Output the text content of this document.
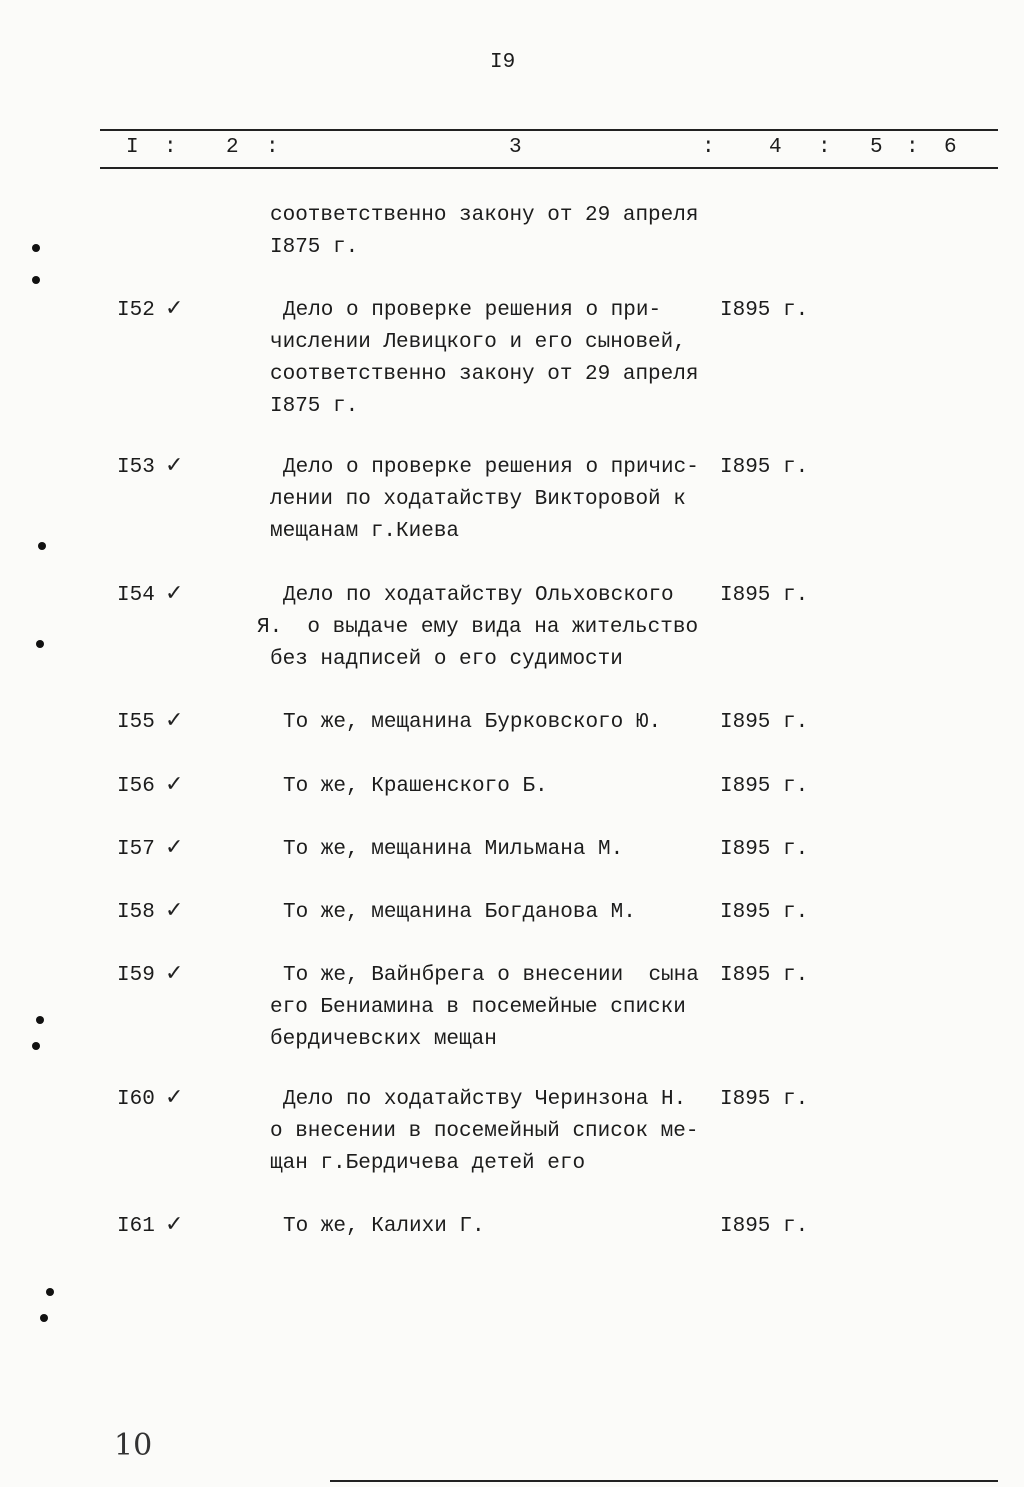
I9
I : 2 :	3	:	4 : 5 : 6
соответственно закону от 29 апреля
I875 г.
I52 ✓	Дело о проверке решения о при-
числении Левицкого и его сыновей,
соответственно закону от 29 апреля
I875 г.
I895 г.
I53 ✓	Дело о проверке решения о причис-
лении по ходатайству Викторовой к
мещанам г.Киева
I895 г.
I54 ✓	Дело по ходатайству Ольховского
Я.  о выдаче ему вида на жительство
без надписей о его судимости
I895 г.
I55 ✓	То же, мещанина Бурковского Ю.	I895 г.
I56 ✓	То же, Крашенского Б.	I895 г.
I57 ✓	То же, мещанина Мильмана М.	I895 г.
I58 ✓	То же, мещанина Богданова М.	I895 г.
I59 ✓	То же, Вайнбрега о внесении  сына
его Бениамина в посемейные списки
бердичевских мещан
I895 г.
I60 ✓	Дело по ходатайству Черинзона Н.
о внесении в посемейный список ме-
щан г.Бердичева детей его
I895 г.
I61 ✓	То же, Калихи Г.	I895 г.
10
